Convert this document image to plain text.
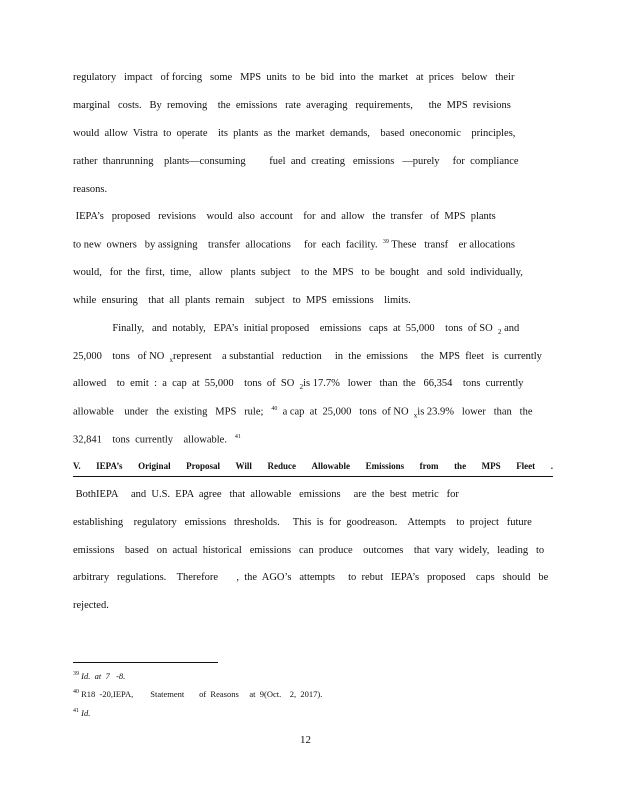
regulatory   impact   of forcing   some   MPS  units  to  be  bid  into  the  market   at  prices   below   their
marginal   costs.   By  removing    the  emissions   rate  averaging   requirements,      the  MPS  revisions
would  allow  Vistra  to  operate    its  plants  as  the  market  demands,    based  oneconomic    principles,
rather  thanrunning    plants—consuming         fuel  and  creating   emissions   —purely     for  compliance
reasons.
IEPA’s   proposed   revisions    would  also  account    for  and  allow   the  transfer   of  MPS  plants
to new  owners   by assigning    transfer  allocations     for  each  facility.  $^{39}$ These   transf    er allocations
would,   for  the  first,  time,   allow   plants  subject    to  the  MPS   to  be  bought   and  sold  individually,
while  ensuring    that  all  plants  remain    subject   to  MPS  emissions    limits.
Finally,   and  notably,   EPA’s  initial proposed    emissions   caps  at  55,000    tons  of SO  $_2$ and
25,000    tons   of NO  $_x$represent    a substantial   reduction     in  the  emissions     the  MPS  fleet   is  currently
allowed    to  emit  :  a  cap  at  55,000    tons  of  SO  $_2$is 17.7%   lower   than  the   66,354    tons  currently
allowable    under   the  existing   MPS   rule;   $^{40}$  a cap  at  25,000   tons  of NO  $_x$is 23.9%   lower   than   the
32,841    tons  currently    allowable.   $^{41}$
V. IEPA’s Original Proposal Will Reduce Allowable Emissions from the MPS Fleet .
BothIEPA     and  U.S.  EPA  agree   that  allowable   emissions     are  the  best  metric   for
establishing    regulatory   emissions   thresholds.     This  is  for  goodreason.    Attempts    to  project   future
emissions    based   on  actual  historical   emissions   can  produce    outcomes    that  vary  widely,   leading   to
arbitrary   regulations.    Therefore       ,  the  AGO’s   attempts     to  rebut   IEPA’s   proposed    caps   should   be
rejected.
$^{39}$ Id.  at  7   -8.
$^{40}$ R18  -20,IEPA,        Statement       of  Reasons     at  9(Oct.    2,  2017).
$^{41}$ Id.
12
